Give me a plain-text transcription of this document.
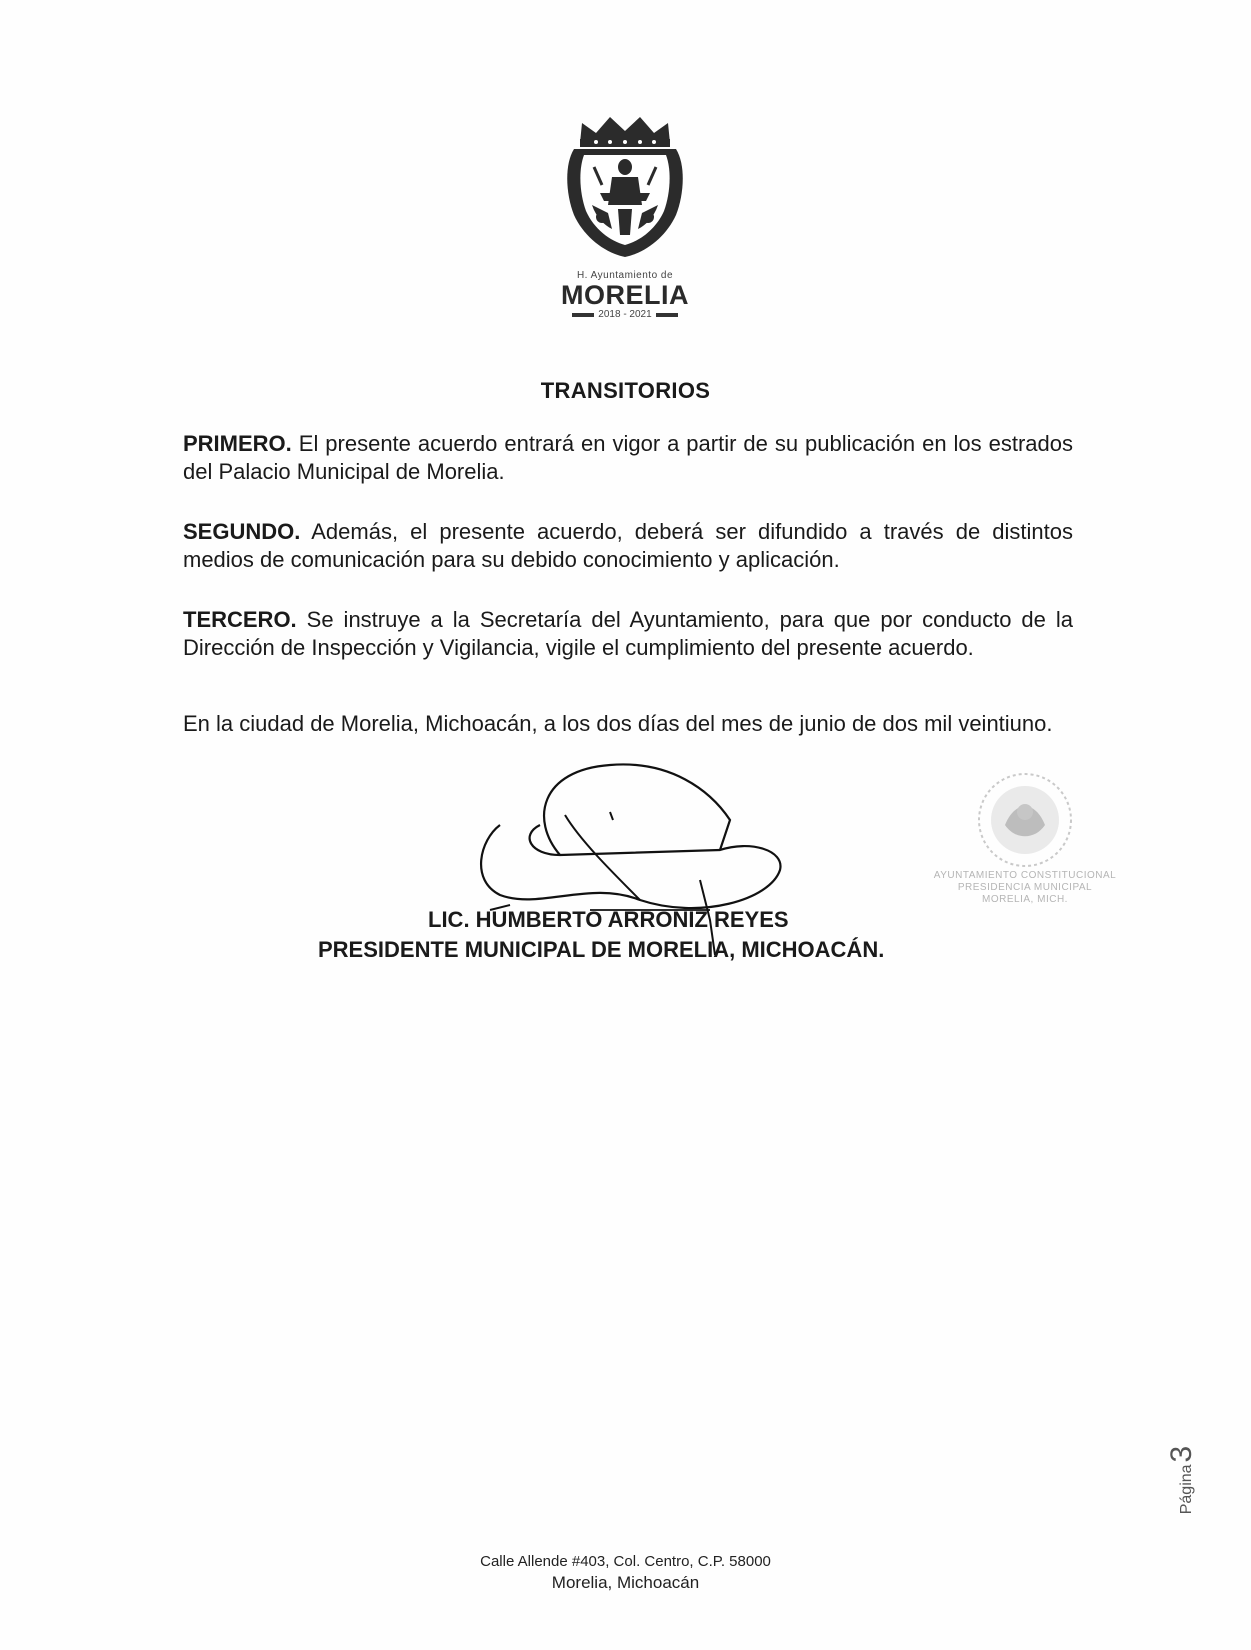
H. Ayuntamiento de
MORELIA
2018 - 2021
TRANSITORIOS

PRIMERO. El presente acuerdo entrará en vigor a partir de su publicación en los estrados del Palacio Municipal de Morelia.

SEGUNDO. Además, el presente acuerdo, deberá ser difundido a través de distintos medios de comunicación para su debido conocimiento y aplicación.

TERCERO. Se instruye a la Secretaría del Ayuntamiento, para que por conducto de la Dirección de Inspección y Vigilancia, vigile el cumplimiento del presente acuerdo.

En la ciudad de Morelia, Michoacán, a los dos días del mes de junio de dos mil veintiuno.

LIC. HUMBERTO ARRONIZ REYES
PRESIDENTE MUNICIPAL DE MORELIA, MICHOACÁN.
AYUNTAMIENTO CONSTITUCIONAL
PRESIDENCIA MUNICIPAL
MORELIA, MICH.
Página
3
Calle Allende #403, Col. Centro, C.P. 58000
Morelia, Michoacán
